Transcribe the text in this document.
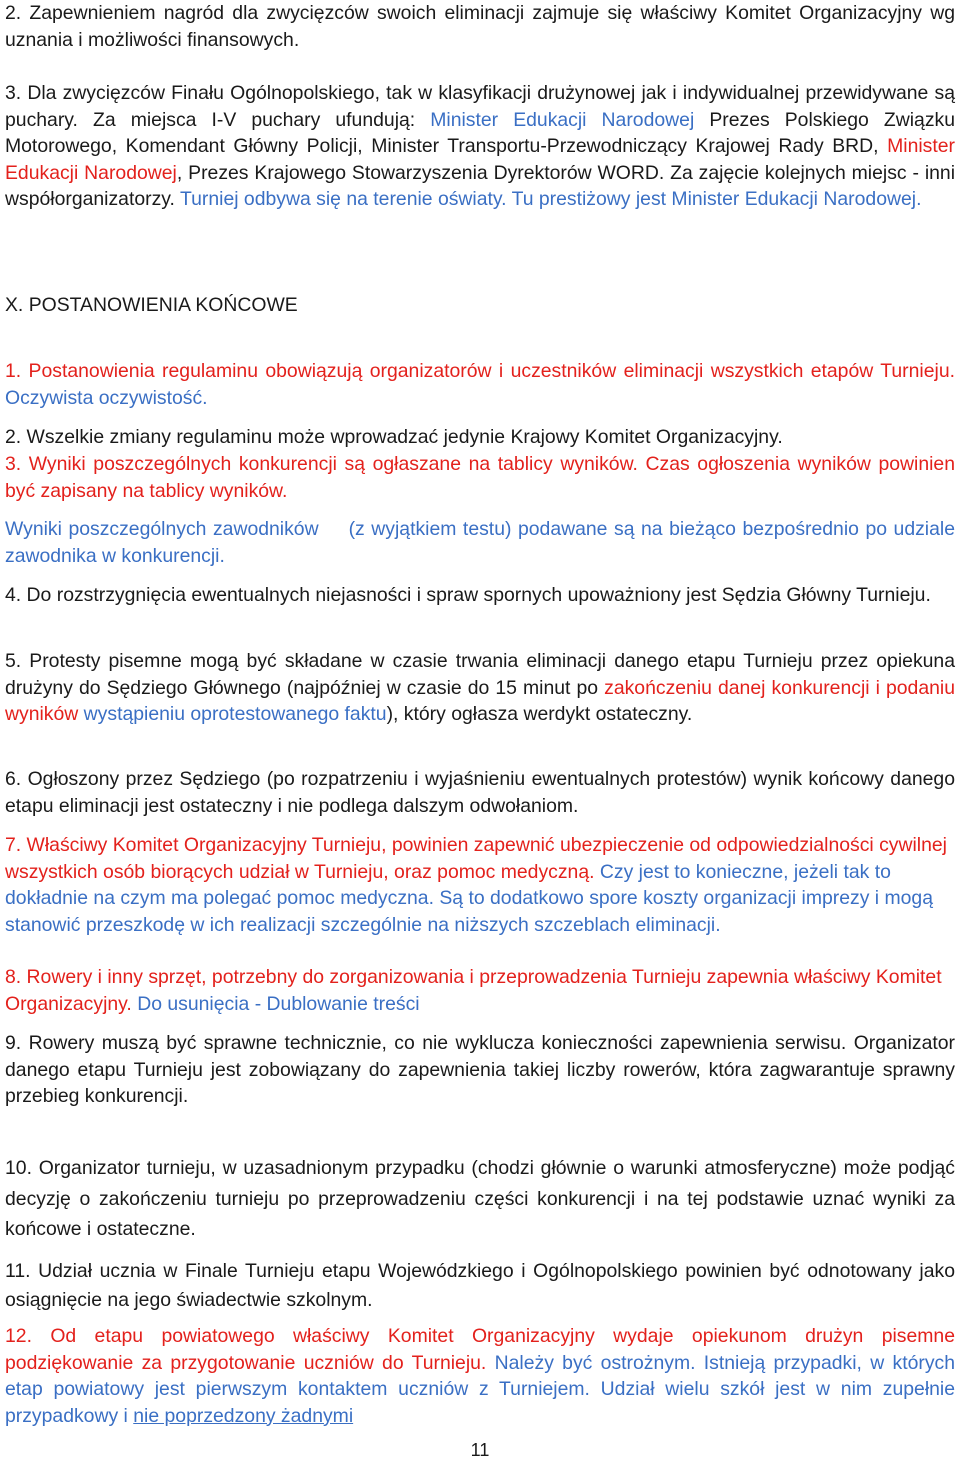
2. Zapewnieniem nagród dla zwycięzców swoich eliminacji zajmuje się właściwy Komitet Organizacyjny wg uznania i możliwości finansowych.

3. Dla zwycięzców Finału Ogólnopolskiego, tak w klasyfikacji drużynowej jak i indywidualnej przewidywane są puchary. Za miejsca I-V puchary ufundują: Minister Edukacji Narodowej Prezes Polskiego Związku Motorowego, Komendant Główny Policji, Minister Transportu-Przewodniczący Krajowej Rady BRD, Minister Edukacji Narodowej, Prezes Krajowego Stowarzyszenia Dyrektorów WORD. Za zajęcie kolejnych miejsc - inni współorganizatorzy. Turniej odbywa się na terenie oświaty. Tu prestiżowy jest Minister Edukacji Narodowej.

X. POSTANOWIENIA KOŃCOWE

1. Postanowienia regulaminu obowiązują organizatorów i uczestników eliminacji wszystkich etapów Turnieju. Oczywista oczywistość.

2. Wszelkie zmiany regulaminu może wprowadzać jedynie Krajowy Komitet Organizacyjny.

3. Wyniki poszczególnych konkurencji są ogłaszane na tablicy wyników. Czas ogłoszenia wyników powinien być zapisany na tablicy wyników.

Wyniki poszczególnych zawodników (z wyjątkiem testu) podawane są na bieżąco bezpośrednio po udziale zawodnika w konkurencji.

4. Do rozstrzygnięcia ewentualnych niejasności i spraw spornych upoważniony jest Sędzia Główny Turnieju.

5. Protesty pisemne mogą być składane w czasie trwania eliminacji danego etapu Turnieju przez opiekuna drużyny do Sędziego Głównego (najpóźniej w czasie do 15 minut po zakończeniu danej konkurencji i podaniu wyników wystąpieniu oprotestowanego faktu), który ogłasza werdykt ostateczny.

6. Ogłoszony przez Sędziego (po rozpatrzeniu i wyjaśnieniu ewentualnych protestów) wynik końcowy danego etapu eliminacji jest ostateczny i nie podlega dalszym odwołaniom.

7. Właściwy Komitet Organizacyjny Turnieju, powinien zapewnić ubezpieczenie od odpowiedzialności cywilnej wszystkich osób biorących udział w Turnieju, oraz pomoc medyczną. Czy jest to konieczne, jeżeli tak to dokładnie na czym ma polegać pomoc medyczna. Są to dodatkowo spore koszty organizacji imprezy i mogą stanowić przeszkodę w ich realizacji szczególnie na niższych szczeblach eliminacji.

8. Rowery i inny sprzęt, potrzebny do zorganizowania i przeprowadzenia Turnieju zapewnia właściwy Komitet Organizacyjny. Do usunięcia - Dublowanie treści

9. Rowery muszą być sprawne technicznie, co nie wyklucza konieczności zapewnienia serwisu. Organizator danego etapu Turnieju jest zobowiązany do zapewnienia takiej liczby rowerów, która zagwarantuje sprawny przebieg konkurencji.

10. Organizator turnieju, w uzasadnionym przypadku (chodzi głównie o warunki atmosferyczne) może podjąć decyzję o zakończeniu turnieju po przeprowadzeniu części konkurencji i na tej podstawie uznać wyniki za końcowe i ostateczne.

11. Udział ucznia w Finale Turnieju etapu Wojewódzkiego i Ogólnopolskiego powinien być odnotowany jako osiągnięcie na jego świadectwie szkolnym.

12. Od etapu powiatowego właściwy Komitet Organizacyjny wydaje opiekunom drużyn pisemne podziękowanie za przygotowanie uczniów do Turnieju. Należy być ostrożnym. Istnieją przypadki, w których etap powiatowy jest pierwszym kontaktem uczniów z Turniejem. Udział wielu szkół jest w nim zupełnie przypadkowy i nie poprzedzony żadnymi

11
